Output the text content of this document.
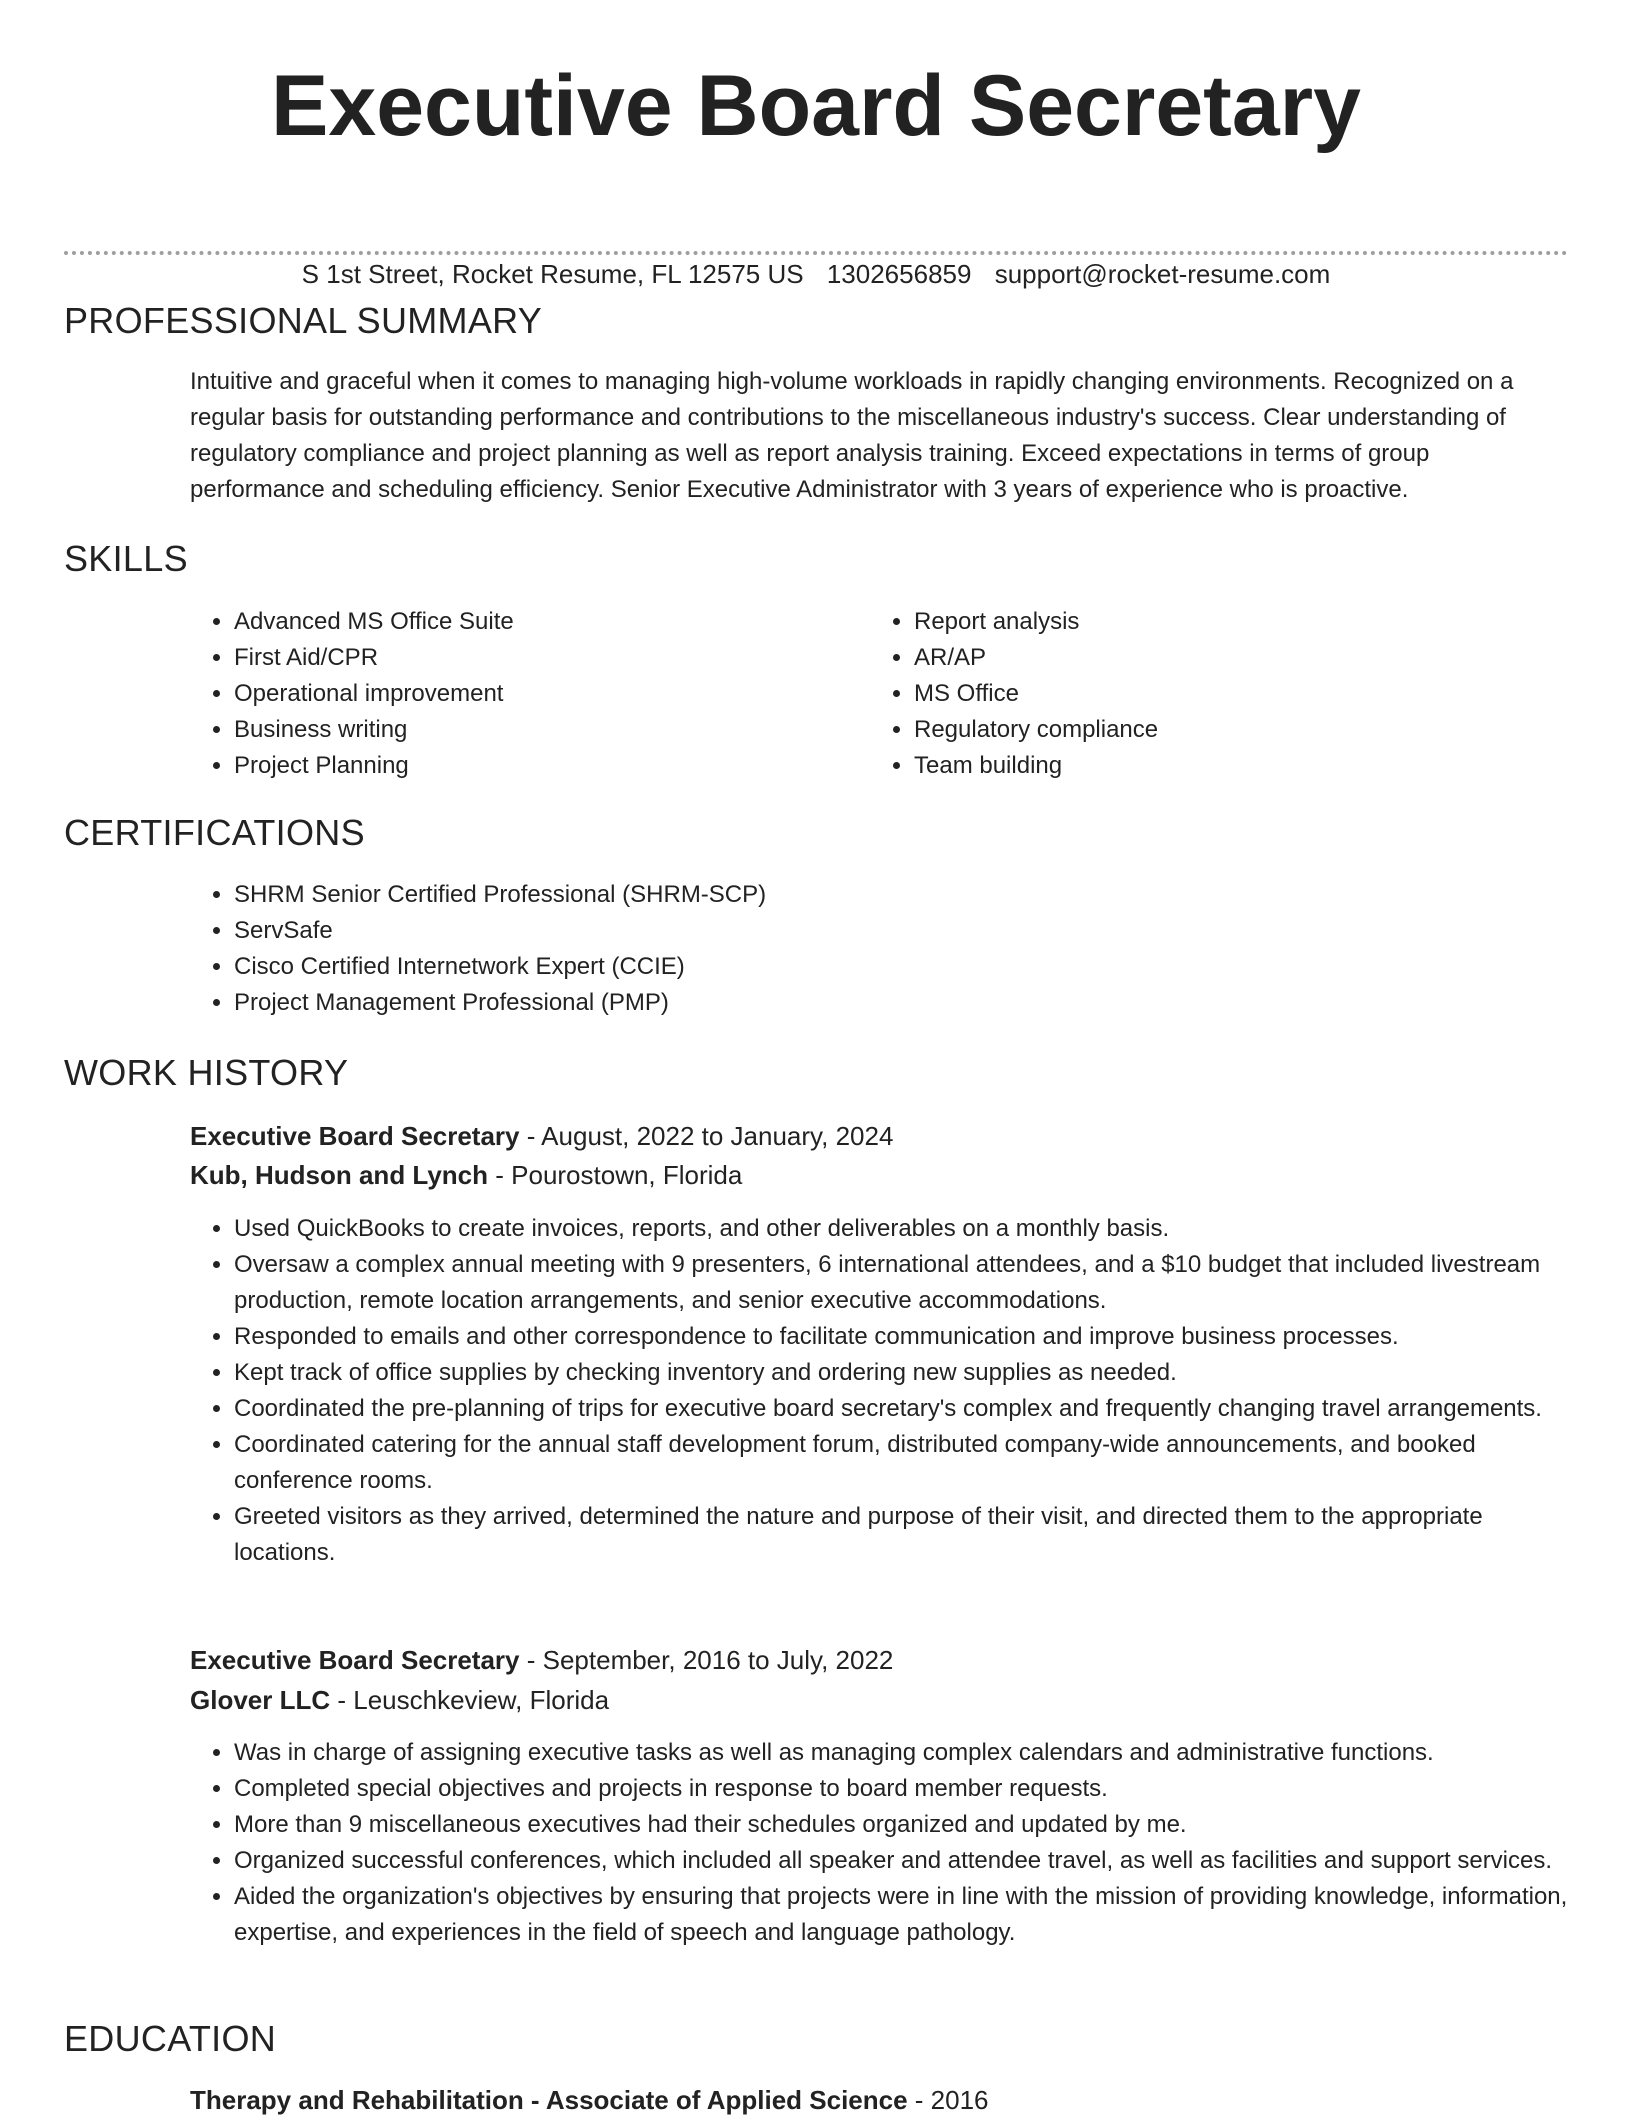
Executive Board Secretary
S 1st Street, Rocket Resume, FL 12575 US 1302656859 support@rocket-resume.com
PROFESSIONAL SUMMARY

Intuitive and graceful when it comes to managing high-volume workloads in rapidly changing environments. Recognized on a regular basis for outstanding performance and contributions to the miscellaneous industry's success. Clear understanding of regulatory compliance and project planning as well as report analysis training. Exceed expectations in terms of group performance and scheduling efficiency. Senior Executive Administrator with 3 years of experience who is proactive.

SKILLS
• Advanced MS Office Suite
• First Aid/CPR
• Operational improvement
• Business writing
• Project Planning
• Report analysis
• AR/AP
• MS Office
• Regulatory compliance
• Team building
CERTIFICATIONS
• SHRM Senior Certified Professional (SHRM-SCP)
• ServSafe
• Cisco Certified Internetwork Expert (CCIE)
• Project Management Professional (PMP)
WORK HISTORY
Executive Board Secretary - August, 2022 to January, 2024
Kub, Hudson and Lynch - Pourostown, Florida
• Used QuickBooks to create invoices, reports, and other deliverables on a monthly basis.
• Oversaw a complex annual meeting with 9 presenters, 6 international attendees, and a $10 budget that included livestream production, remote location arrangements, and senior executive accommodations.
• Responded to emails and other correspondence to facilitate communication and improve business processes.
• Kept track of office supplies by checking inventory and ordering new supplies as needed.
• Coordinated the pre-planning of trips for executive board secretary's complex and frequently changing travel arrangements.
• Coordinated catering for the annual staff development forum, distributed company-wide announcements, and booked conference rooms.
• Greeted visitors as they arrived, determined the nature and purpose of their visit, and directed them to the appropriate locations.
Executive Board Secretary - September, 2016 to July, 2022
Glover LLC - Leuschkeview, Florida
• Was in charge of assigning executive tasks as well as managing complex calendars and administrative functions.
• Completed special objectives and projects in response to board member requests.
• More than 9 miscellaneous executives had their schedules organized and updated by me.
• Organized successful conferences, which included all speaker and attendee travel, as well as facilities and support services.
• Aided the organization's objectives by ensuring that projects were in line with the mission of providing knowledge, information, expertise, and experiences in the field of speech and language pathology.
EDUCATION
Therapy and Rehabilitation - Associate of Applied Science - 2016
